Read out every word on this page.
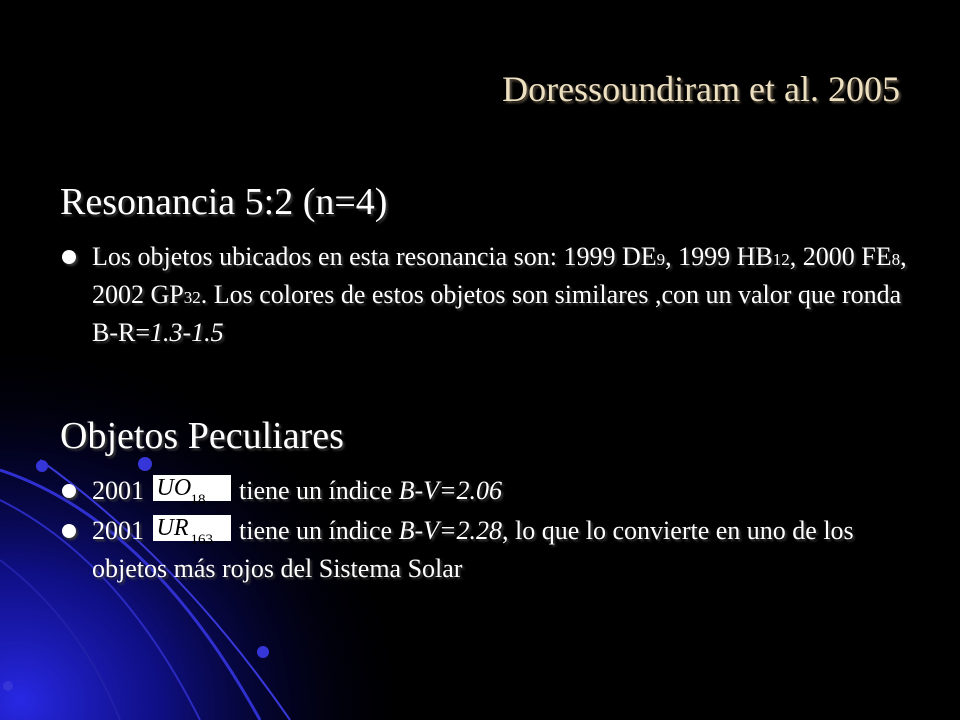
Doressoundiram et al. 2005
Resonancia 5:2 (n=4)
Los objetos ubicados en esta resonancia son: 1999 DE9, 1999 HB12, 2000 FE8, 2002 GP32. Los colores de estos objetos son similares ,con un valor que ronda B-R=1.3-1.5
Objetos Peculiares
2001 UO 18 tiene un índice B-V=2.06
2001 UR 163 tiene un índice B-V=2.28, lo que lo convierte en uno de los objetos más rojos del Sistema Solar
